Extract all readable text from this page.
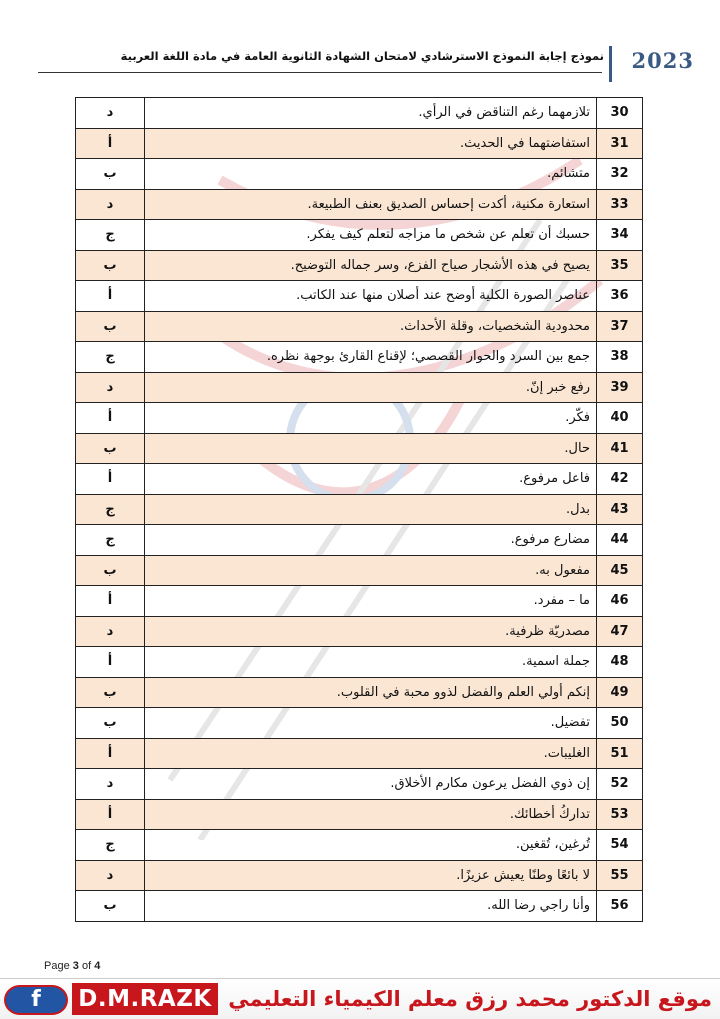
2023
نموذج إجابة النموذج الاسترشادي لامتحان الشهادة الثانوية العامة في مادة اللغة العربية
30	تلازمهما رغم التناقض في الرأي.	د
31	استفاضتهما في الحديث.	أ
32	متشائم.	ب
33	استعارة مكنية، أكدت إحساس الصديق بعنف الطبيعة.	د
34	حسبك أن تعلم عن شخص ما مزاجه لتعلم كيف يفكر.	ج
35	يصيح في هذه الأشجار صياح الفزع، وسر جماله التوضيح.	ب
36	عناصر الصورة الكلية أوضح عند أصلان منها عند الكاتب.	أ
37	محدودية الشخصيات، وقلة الأحداث.	ب
38	جمع بين السرد والحوار القصصي؛ لإقناع القارئ بوجهة نظره.	ج
39	رفع خبر إنّ.	د
40	فكّر.	أ
41	حال.	ب
42	فاعل مرفوع.	أ
43	بدل.	ج
44	مضارع مرفوع.	ج
45	مفعول به.	ب
46	ما – مفرد.	أ
47	مصدريّة ظرفية.	د
48	جملة اسمية.	أ
49	إنكم أولي العلم والفضل لذوو محبة في القلوب.	ب
50	تفضيل.	ب
51	الغليبات.	أ
52	إن ذوي الفضل يرعون مكارم الأخلاق.	د
53	تداركُ أخطائك.	أ
54	تُرغين، تُقغين.	ج
55	لا بائعًا وطنًا يعيش عزيزًا.	د
56	وأنا راجي رضا الله.	ب
Page 3 of 4
f	D.M.RAZK موقع الدكتور محمد رزق معلم الكيمياء التعليمي
